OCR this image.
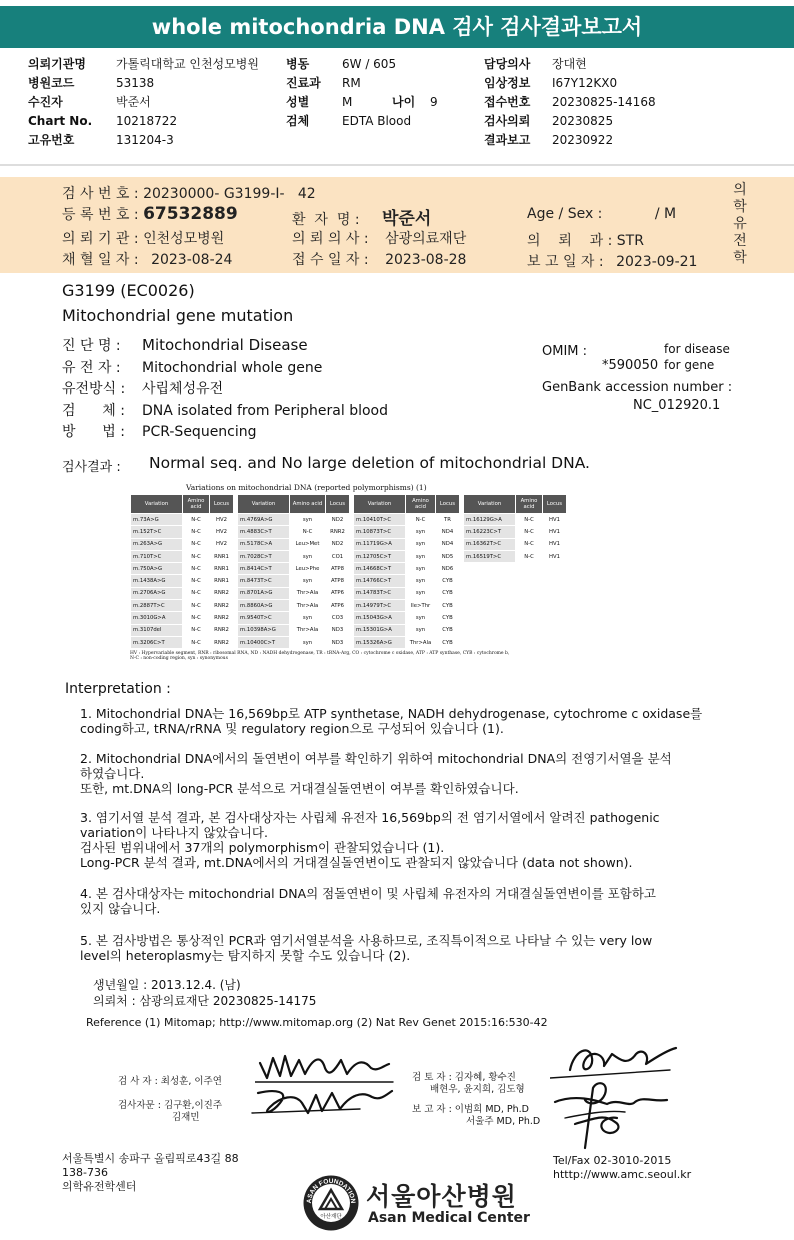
whole mitochondria DNA 검사 검사결과보고서
의뢰기관명	가톨릭대학교 인천성모병원
병원코드	53138
수진자	박준서
Chart No. 10218722
고유번호	131204-3
병동	6W / 605
진료과 RM
성별	M	나이 9
검체	EDTA Blood
담당의사 장대현
임상정보 I67Y12KX0
접수번호 20230825-14168
검사의뢰 20230825
결과보고 20230922
검 사 번 호 : 20230000- G3199-I-   42
등 록 번 호 : 67532889	환  자  명 : 박준서	Age / Sex :	/ M
의 뢰 기 관 : 인천성모병원	의 뢰 의 사 : 삼광의료재단	의    뢰    과 : STR
채 혈 일 자 : 2023-08-24	접 수 일 자 : 2023-08-28	보 고 일 자 : 2023-09-21
의
학
유
전
학
G3199 (EC0026)
Mitochondrial gene mutation
진 단 명 : Mitochondrial Disease
유 전 자 : Mitochondrial whole gene
유전방식 : 사립체성유전
검      체 : DNA isolated from Peripheral blood
방      법 : PCR-Sequencing
OMIM :	for disease
*590050 for gene
GenBank accession number :
NC_012920.1
검사결과 : Normal seq. and No large deletion of mitochondrial DNA.
Variations on mitochondrial DNA (reported polymorphisms) (1)
Variation	Amino acid	Locus
m.73A>G	N-C	HV2
m.152T>C	N-C	HV2
m.263A>G	N-C	HV2
m.710T>C	N-C	RNR1
m.750A>G	N-C	RNR1
m.1438A>G	N-C	RNR1
m.2706A>G	N-C	RNR2
m.2887T>C	N-C	RNR2
m.3010G>A	N-C	RNR2
m.3107del	N-C	RNR2
m.3206C>T	N-C	RNR2
Variation	Amino acid	Locus
m.4769A>G	syn	ND2
m.4883C>T	N-C	RNR2
m.5178C>A	Leu>Met	ND2
m.7028C>T	syn	CO1
m.8414C>T	Leu>Phe	ATP8
m.8473T>C	syn	ATP8
m.8701A>G	Thr>Ala	ATP6
m.8860A>G	Thr>Ala	ATP6
m.9540T>C	syn	CO3
m.10398A>G	Thr>Ala	ND3
m.10400C>T	syn	ND3
Variation	Amino acid	Locus
m.10410T>C	N-C	TR
m.10873T>C	syn	ND4
m.11719G>A	syn	ND4
m.12705C>T	syn	ND5
m.14668C>T	syn	ND6
m.14766C>T	syn	CYB
m.14783T>C	syn	CYB
m.14979T>C	Ile>Thr	CYB
m.15043G>A	syn	CYB
m.15301G>A	syn	CYB
m.15326A>G	Thr>Ala	CYB
Variation	Amino acid	Locus
m.16129G>A	N-C	HV1
m.16223C>T	N-C	HV1
m.16362T>C	N-C	HV1
m.16519T>C	N-C	HV1
HV : Hypervariable segment, RNR : ribosomal RNA, ND : NADH dehydrogenase, TR : tRNA-Arg, CO : cytochrome c oxidase, ATP : ATP synthase, CYB : cytochrome b,
N-C : non-coding region, syn : synonymous
Interpretation :
1. Mitochondrial DNA는 16,569bp로 ATP synthetase, NADH dehydrogenase, cytochrome c oxidase를
coding하고, tRNA/rRNA 및 regulatory region으로 구성되어 있습니다 (1).
2. Mitochondrial DNA에서의 돌연변이 여부를 확인하기 위하여 mitochondrial DNA의 전영기서열을 분석
하였습니다.
또한, mt.DNA의 long-PCR 분석으로 거대결실돌연변이 여부를 확인하였습니다.
3. 염기서열 분석 결과, 본 검사대상자는 사립체 유전자 16,569bp의 전 염기서열에서 알려진 pathogenic
variation이 나타나지 않았습니다.
검사된 범위내에서 37개의 polymorphism이 관찰되었습니다 (1).
Long-PCR 분석 결과, mt.DNA에서의 거대결실돌연변이도 관찰되지 않았습니다 (data not shown).
4. 본 검사대상자는 mitochondrial DNA의 점돌연변이 및 사립체 유전자의 거대결실돌연변이를 포함하고
있지 않습니다.
5. 본 검사방법은 통상적인 PCR과 염기서열분석을 사용하므로, 조직특이적으로 나타날 수 있는 very low
level의 heteroplasmy는 탐지하지 못할 수도 있습니다 (2).
생년월일 : 2013.12.4. (남)
의뢰처 : 삼광의료재단 20230825-14175
Reference (1) Mitomap; http://www.mitomap.org (2) Nat Rev Genet 2015:16:530-42
검 사 자 : 최성훈, 이주연
검사자문 : 김구환,이진주
김재민
검 토 자 : 김자혜, 황수진
배현우, 윤지희, 김도형
보 고 자 : 이범희 MD, Ph.D
서울주 MD, Ph.D
서울특별시 송파구 올림픽로43길 88
138-736
의학유전학센터
Tel/Fax 02-3010-2015
htttp://www.amc.seoul.kr
ASAN FOUNDATION
아산재단
서울아산병원
Asan Medical Center
